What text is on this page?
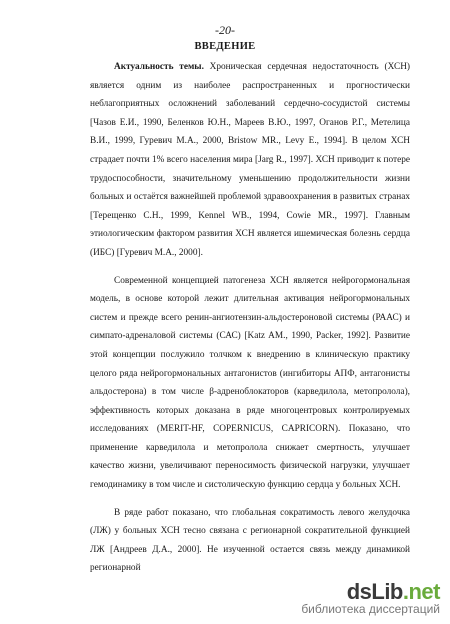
-20-
ВВЕДЕНИЕ

Актуальность темы. Хроническая сердечная недостаточность (ХСН) является одним из наиболее распространенных и прогностически неблагоприятных осложнений заболеваний сердечно-сосудистой системы [Чазов Е.И., 1990, Беленков Ю.Н., Мареев В.Ю., 1997, Оганов Р.Г., Метелица В.И., 1999, Гуревич М.А., 2000, Bristow MR., Levy E., 1994]. В целом ХСН страдает почти 1% всего населения мира [Jarg R., 1997]. ХСН приводит к потере трудоспособности, значительному уменьшению продолжительности жизни больных и остаётся важнейшей проблемой здравоохранения в развитых странах [Терещенко С.Н., 1999, Kennel WB., 1994, Cowie MR., 1997]. Главным этиологическим фактором развития ХСН является ишемическая болезнь сердца (ИБС) [Гуревич М.А., 2000].

Современной концепцией патогенеза ХСН является нейрогормональная модель, в основе которой лежит длительная активация нейрогормональных систем и прежде всего ренин-ангиотензин-альдостероновой системы (РААС) и симпато-адреналовой системы (САС) [Katz AM., 1990, Packer, 1992]. Развитие этой концепции послужило толчком к внедрению в клиническую практику целого ряда нейрогормональных антагонистов (ингибиторы АПФ, антагонисты альдостерона) в том числе β-адреноблокаторов (карведилола, метопролола), эффективность которых доказана в ряде многоцентровых контролируемых исследованиях (MERIT-HF, COPERNICUS, CAPRICORN). Показано, что применение карведилола и метопролола снижает смертность, улучшает качество жизни, увеличивают переносимость физической нагрузки, улучшает гемодинамику в том числе и систолическую функцию сердца у больных ХСН.

В ряде работ показано, что глобальная сократимость левого желудочка (ЛЖ) у больных ХСН тесно связана с регионарной сократительной функцией ЛЖ [Андреев Д.А., 2000]. Не изученной остается связь между динамикой регионарной

dsLib.net
библиотека диссертаций
